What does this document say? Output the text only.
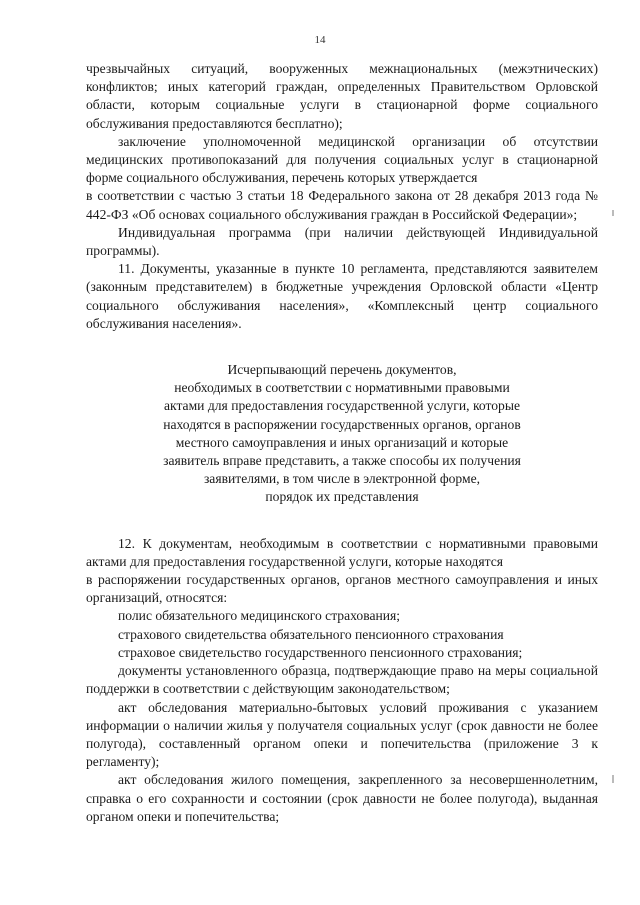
14

чрезвычайных ситуаций, вооруженных межнациональных (межэтнических) конфликтов; иных категорий граждан, определенных Правительством Орловской области, которым социальные услуги в стационарной форме социального обслуживания предоставляются бесплатно);

заключение уполномоченной медицинской организации об отсутствии медицинских противопоказаний для получения социальных услуг в стационарной форме социального обслуживания, перечень которых утверждается

в соответствии с частью 3 статьи 18 Федерального закона от 28 декабря 2013 года № 442-ФЗ «Об основах социального обслуживания граждан в Российской Федерации»;

Индивидуальная программа (при наличии действующей Индивидуальной программы).

11. Документы, указанные в пункте 10 регламента, представляются заявителем (законным представителем) в бюджетные учреждения Орловской области «Центр социального обслуживания населения», «Комплексный центр социального обслуживания населения».

Исчерпывающий перечень документов,
необходимых в соответствии с нормативными правовыми
актами для предоставления государственной услуги, которые
находятся в распоряжении государственных органов, органов
местного самоуправления и иных организаций и которые
заявитель вправе представить, а также способы их получения
заявителями, в том числе в электронной форме,
порядок их представления

12. К документам, необходимым в соответствии с нормативными правовыми актами для предоставления государственной услуги, которые находятся

в распоряжении государственных органов, органов местного самоуправления и иных организаций, относятся:

полис обязательного медицинского страхования;

страхового свидетельства обязательного пенсионного страхования

страховое свидетельство государственного пенсионного страхования;

документы установленного образца, подтверждающие право на меры социальной поддержки в соответствии с действующим законодательством;

акт обследования материально-бытовых условий проживания с указанием информации о наличии жилья у получателя социальных услуг (срок давности не более полугода), составленный органом опеки и попечительства (приложение 3 к регламенту);

акт обследования жилого помещения, закрепленного за несовершеннолетним, справка о его сохранности и состоянии (срок давности не более полугода), выданная органом опеки и попечительства;
